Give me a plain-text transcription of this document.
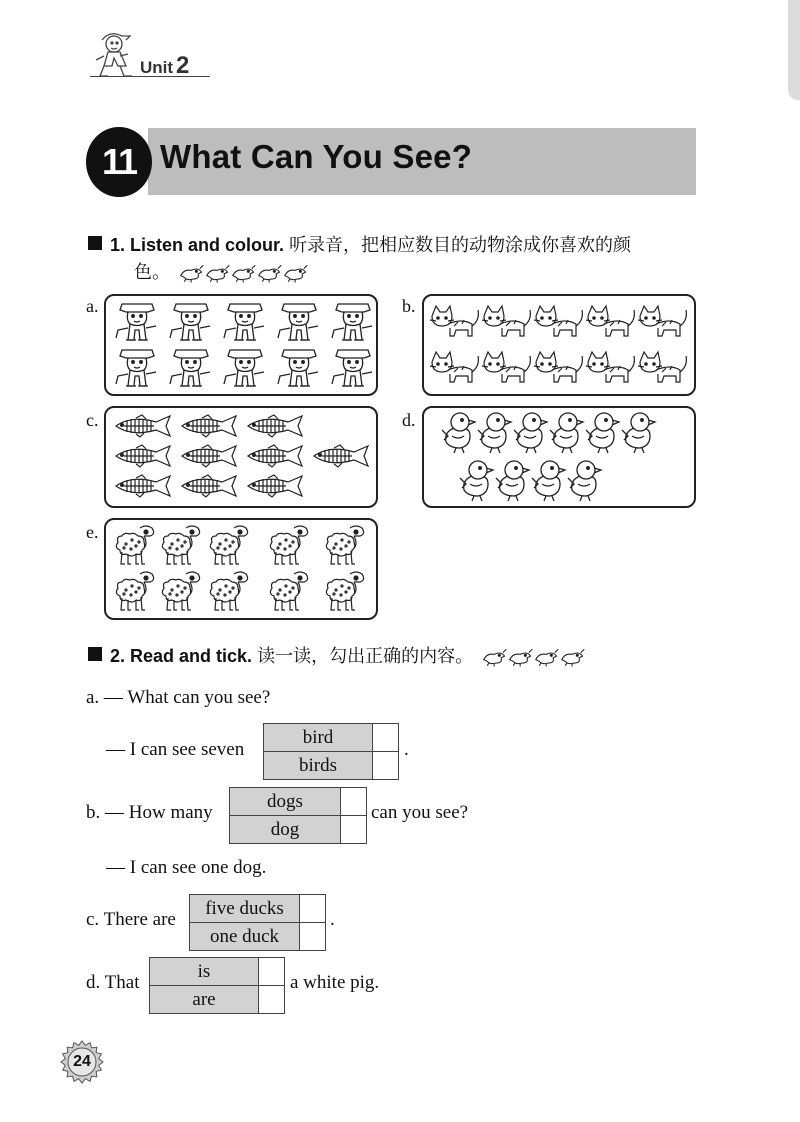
Unit 2
What Can You See?
11
1. Listen and colour. 听录音，把相应数目的动物涂成你喜欢的颜
色。
a.	b.
c.	d.
e.
2. Read and tick. 读一读，勾出正确的内容。
a. — What can you see?
— I can see seven
bird	
birds	
.
b. — How many
dogs	
dog	
can you see?
— I can see one dog.
c. There are
five ducks	
one duck	
.
d. That
is	
are	
a white pig.
24
